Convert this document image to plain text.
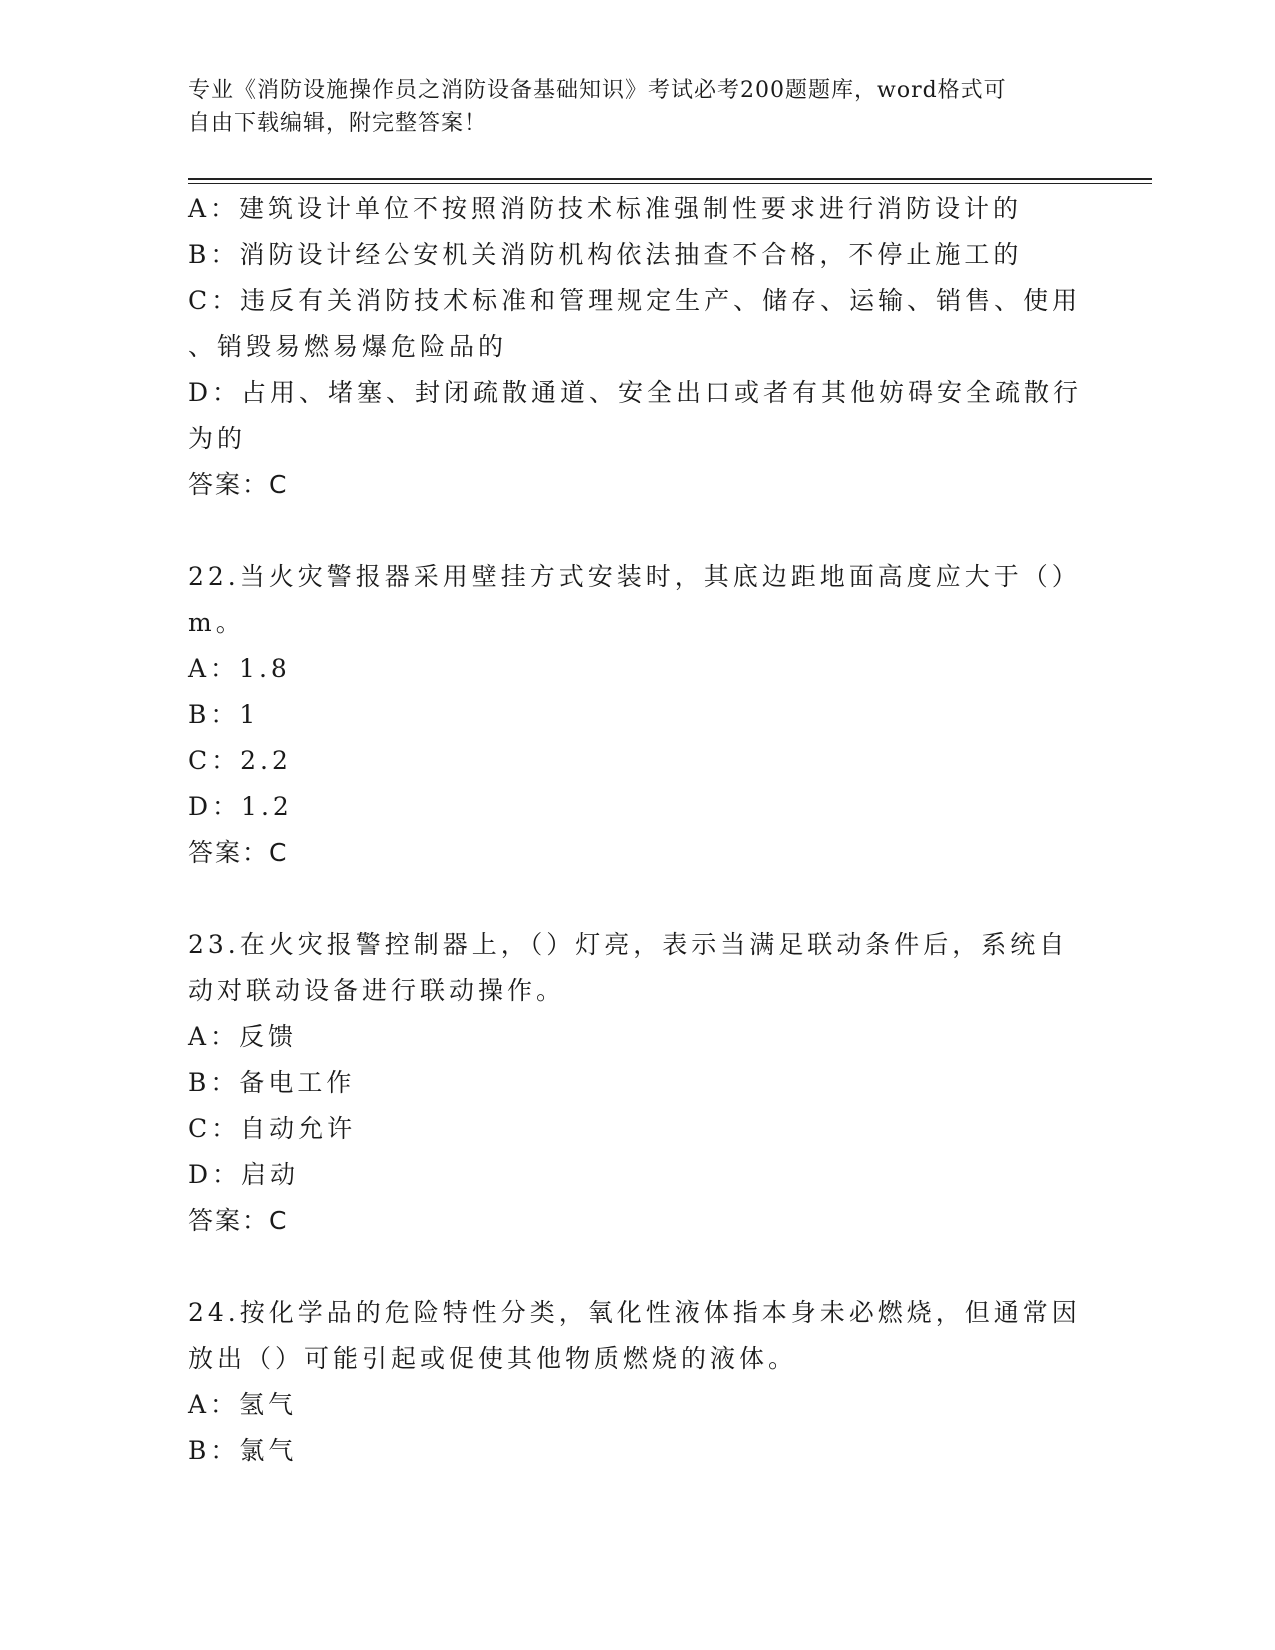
专业《消防设施操作员之消防设备基础知识》考试必考200题题库，word格式可
自由下载编辑，附完整答案！
A：建筑设计单位不按照消防技术标准强制性要求进行消防设计的
B：消防设计经公安机关消防机构依法抽查不合格，不停止施工的
C：违反有关消防技术标准和管理规定生产、储存、运输、销售、使用
、销毁易燃易爆危险品的
D：占用、堵塞、封闭疏散通道、安全出口或者有其他妨碍安全疏散行
为的
答案：C
22.当火灾警报器采用壁挂方式安装时，其底边距地面高度应大于（）
m。
A：1.8
B：1
C：2.2
D：1.2
答案：C
23.在火灾报警控制器上，（）灯亮，表示当满足联动条件后，系统自
动对联动设备进行联动操作。
A：反馈
B：备电工作
C：自动允许
D：启动
答案：C
24.按化学品的危险特性分类，氧化性液体指本身未必燃烧，但通常因
放出（）可能引起或促使其他物质燃烧的液体。
A：氢气
B：氯气
